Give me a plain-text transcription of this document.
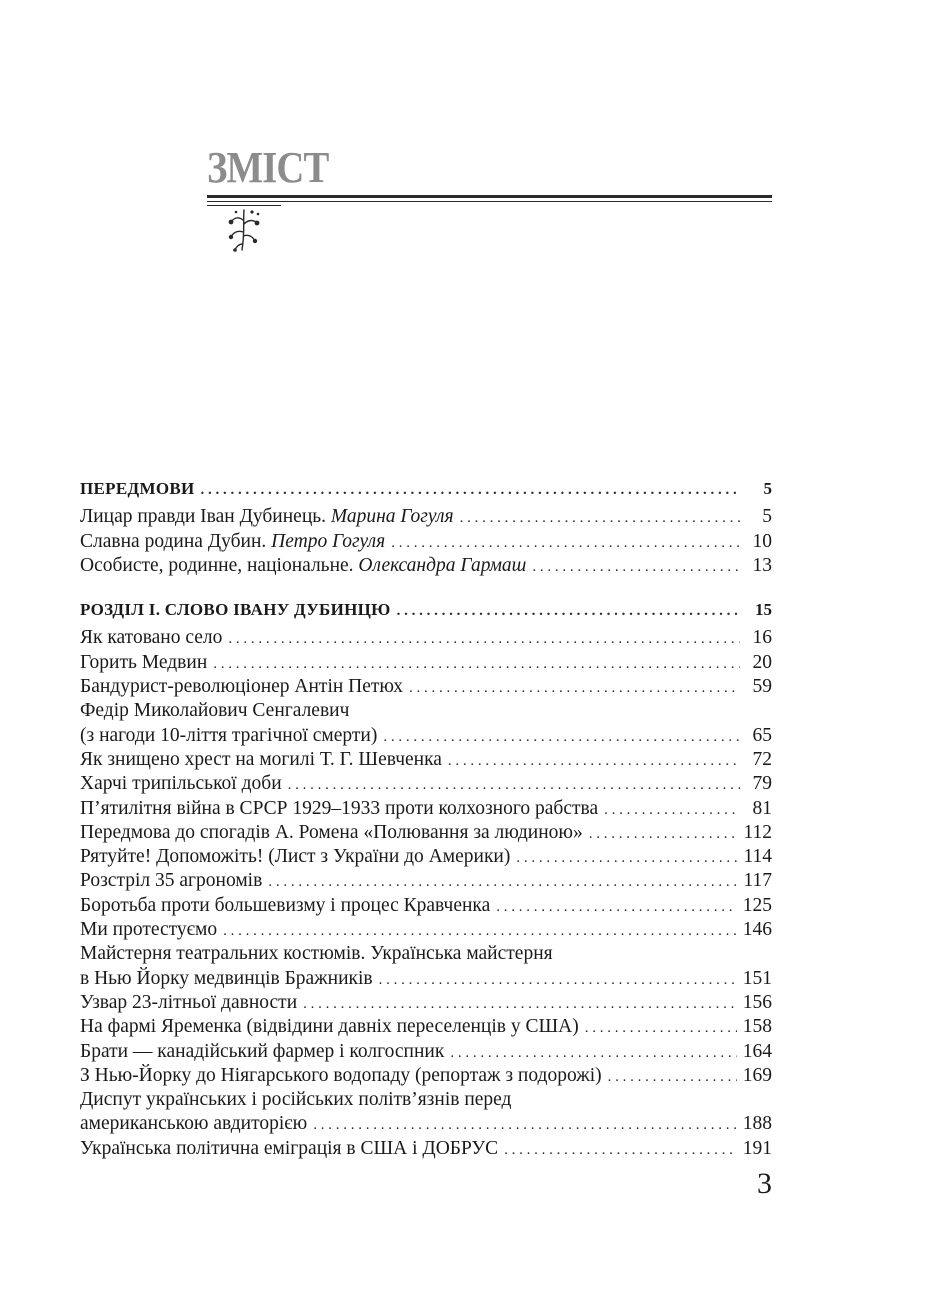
ЗМІСТ
ПЕРЕДМОВИ . . .	5
Лицар правди Іван Дубинець. Марина Гогуля . . .	5
Славна родина Дубин. Петро Гогуля . . .	10
Особисте, родинне, національне. Олександра Гармаш . . .	13
РОЗДІЛ І. СЛОВО ІВАНУ ДУБИНЦЮ . . .	15
Як катовано село . . .	16
Горить Медвин . . .	20
Бандурист-революціонер Антін Петюх . . .	59
Федір Миколайович Сенгалевич
(з нагоди 10-ліття трагічної смерти) . . .	65
Як знищено хрест на могилі Т. Г. Шевченка . . .	72
Харчі трипільської доби . . .	79
П’ятилітня війна в СРСР 1929–1933 проти колхозного рабства . . .	81
Передмова до спогадів А. Ромена «Полювання за людиною» . . .	112
Рятуйте! Допоможіть! (Лист з України до Америки) . . .	114
Розстріл 35 агрономів . . .	117
Боротьба проти большевизму і процес Кравченка . . .	125
Ми протестуємо . . .	146
Майстерня театральних костюмів. Українська майстерня
в Нью Йорку медвинців Бражників . . .	151
Узвар 23-літньої давности . . .	156
На фармі Яременка (відвідини давніх переселенців у США) . . .	158
Брати — канадійський фармер і колгоспник . . .	164
З Нью-Йорку до Ніягарського водопаду (репортаж з подорожі) . . .	169
Диспут українських і російських політв’язнів перед
американською авдиторією . . .	188
Українська політична еміграція в США і ДОБРУС . . .	191
3
